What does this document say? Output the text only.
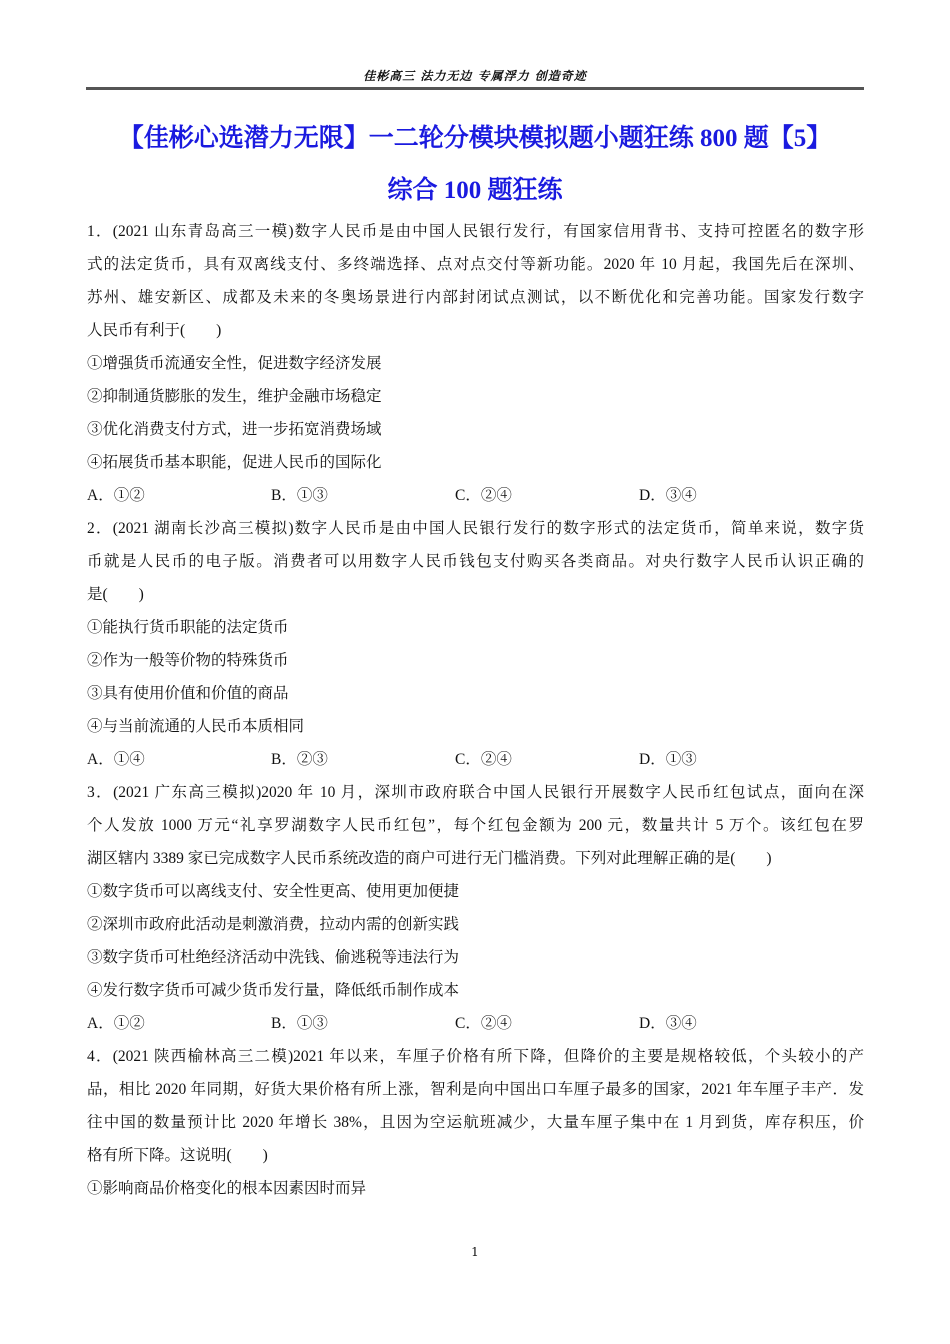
佳彬高三 法力无边 专属浮力 创造奇迹
【佳彬心选潜力无限】一二轮分模块模拟题小题狂练 800 题【5】
综合 100 题狂练
1．(2021 山东青岛高三一模)数字人民币是由中国人民银行发行，有国家信用背书、支持可控匿名的数字形
式的法定货币，具有双离线支付、多终端选择、点对点交付等新功能。2020 年 10 月起，我国先后在深圳、
苏州、雄安新区、成都及未来的冬奥场景进行内部封闭试点测试，以不断优化和完善功能。国家发行数字
人民币有利于(　　)
①增强货币流通安全性，促进数字经济发展
②抑制通货膨胀的发生，维护金融市场稳定
③优化消费支付方式，进一步拓宽消费场域
④拓展货币基本职能，促进人民币的国际化
A．①②	B．①③	C．②④	D．③④
2．(2021 湖南长沙高三模拟)数字人民币是由中国人民银行发行的数字形式的法定货币，简单来说，数字货
币就是人民币的电子版。消费者可以用数字人民币钱包支付购买各类商品。对央行数字人民币认识正确的
是(　　)
①能执行货币职能的法定货币
②作为一般等价物的特殊货币
③具有使用价值和价值的商品
④与当前流通的人民币本质相同
A．①④	B．②③	C．②④	D．①③
3．(2021 广东高三模拟)2020 年 10 月，深圳市政府联合中国人民银行开展数字人民币红包试点，面向在深
个人发放 1000 万元“礼享罗湖数字人民币红包”，每个红包金额为 200 元，数量共计 5 万个。该红包在罗
湖区辖内 3389 家已完成数字人民币系统改造的商户可进行无门槛消费。下列对此理解正确的是(　　)
①数字货币可以离线支付、安全性更高、使用更加便捷
②深圳市政府此活动是刺激消费，拉动内需的创新实践
③数字货币可杜绝经济活动中洗钱、偷逃税等违法行为
④发行数字货币可减少货币发行量，降低纸币制作成本
A．①②	B．①③	C．②④	D．③④
4．(2021 陕西榆林高三二模)2021 年以来，车厘子价格有所下降，但降价的主要是规格较低，个头较小的产
品，相比 2020 年同期，好货大果价格有所上涨，智利是向中国出口车厘子最多的国家，2021 年车厘子丰产．发
往中国的数量预计比 2020 年增长 38%，且因为空运航班减少，大量车厘子集中在 1 月到货，库存积压，价
格有所下降。这说明(　　)
①影响商品价格变化的根本因素因时而异
1
